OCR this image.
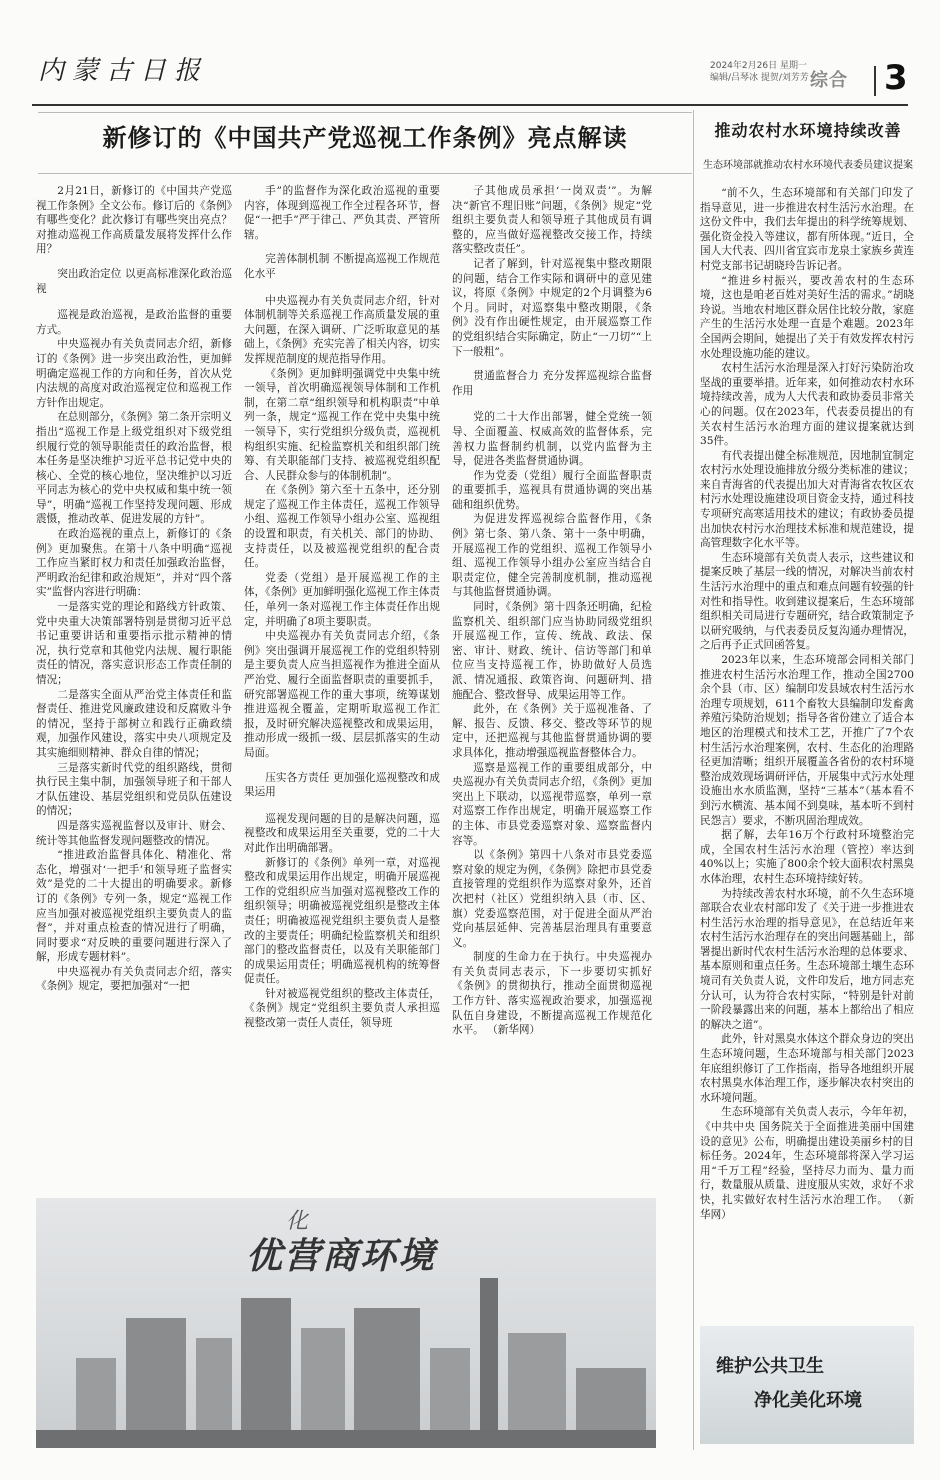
内蒙古日报	2024年2月26日 星期一
编辑/吕琴冰 提贺/刘芳芳 综合 3
新修订的《中国共产党巡视工作条例》亮点解读

2月21日，新修订的《中国共产党巡视工作条例》全文公布。修订后的《条例》有哪些变化？此次修订有哪些突出亮点？对推动巡视工作高质量发展将发挥什么作用？

突出政治定位 以更高标准深化政治巡视

巡视是政治巡视，是政治监督的重要方式。

中央巡视办有关负责同志介绍，新修订的《条例》进一步突出政治性，更加鲜明确定巡视工作的方向和任务，首次从党内法规的高度对政治巡视定位和巡视工作方针作出规定。

在总则部分，《条例》第二条开宗明义指出“巡视工作是上级党组织对下级党组织履行党的领导职能责任的政治监督，根本任务是坚决维护习近平总书记党中央的核心、全党的核心地位，坚决维护以习近平同志为核心的党中央权威和集中统一领导”，明确“巡视工作坚持发现问题、形成震慑，推动改革、促进发展的方针”。

在政治巡视的重点上，新修订的《条例》更加聚焦。在第十八条中明确“巡视工作应当紧盯权力和责任加强政治监督，严明政治纪律和政治规矩”，并对“四个落实”监督内容进行明确：

一是落实党的理论和路线方针政策、党中央重大决策部署特别是贯彻习近平总书记重要讲话和重要指示批示精神的情况，执行党章和其他党内法规、履行职能责任的情况，落实意识形态工作责任制的情况；

二是落实全面从严治党主体责任和监督责任、推进党风廉政建设和反腐败斗争的情况，坚持于部树立和践行正确政绩观，加强作风建设，落实中央八项规定及其实施细则精神、群众自律的情况；

三是落实新时代党的组织路线，贯彻执行民主集中制，加强领导班子和干部人才队伍建设、基层党组织和党员队伍建设的情况；

四是落实巡视监督以及审计、财会、统计等其他监督发现问题整改的情况。

“推进政治监督具体化、精准化、常态化，增强对‘一把手’和领导班子监督实效”是党的二十大提出的明确要求。新修订的《条例》专列一条，规定“巡视工作应当加强对被巡视党组织主要负责人的监督”，并对重点检查的情况进行了明确，同时要求“对反映的重要问题进行深入了解，形成专题材料”。

中央巡视办有关负责同志介绍，落实《条例》规定，要把加强对“一把

手”的监督作为深化政治巡视的重要内容，体现到巡视工作全过程各环节，督促“一把手”严于律己、严负其责、严管所辖。

完善体制机制 不断提高巡视工作规范化水平

中央巡视办有关负责同志介绍，针对体制机制等关系巡视工作高质量发展的重大问题，在深入调研、广泛听取意见的基础上，《条例》充实完善了相关内容，切实发挥规范制度的规范指导作用。

《条例》更加鲜明强调党中央集中统一领导，首次明确巡视领导体制和工作机制，在第二章“组织领导和机构职责”中单列一条，规定“巡视工作在党中央集中统一领导下，实行党组织分级负责，巡视机构组织实施、纪检监察机关和组织部门统筹、有关职能部门支持、被巡视党组织配合、人民群众参与的体制机制”。

在《条例》第六至十五条中，还分别规定了巡视工作主体责任，巡视工作领导小组、巡视工作领导小组办公室、巡视组的设置和职责，有关机关、部门的协助、支持责任，以及被巡视党组织的配合责任。

党委（党组）是开展巡视工作的主体，《条例》更加鲜明强化巡视工作主体责任，单列一条对巡视工作主体责任作出规定，并明确了8项主要职责。

中央巡视办有关负责同志介绍，《条例》突出强调开展巡视工作的党组织特别是主要负责人应当担巡视作为推进全面从严治党、履行全面监督职责的重要抓手，研究部署巡视工作的重大事项，统筹谋划推进巡视全覆盖，定期听取巡视工作汇报，及时研究解决巡视整改和成果运用，推动形成一级抓一级、层层抓落实的生动局面。

压实各方责任 更加强化巡视整改和成果运用

巡视发现问题的目的是解决问题，巡视整改和成果运用至关重要，党的二十大对此作出明确部署。

新修订的《条例》单列一章，对巡视整改和成果运用作出规定，明确开展巡视工作的党组织应当加强对巡视整改工作的组织领导；明确被巡视党组织是整改主体责任；明确被巡视党组织主要负责人是整改的主要责任；明确纪检监察机关和组织部门的整改监督责任，以及有关职能部门的成果运用责任；明确巡视机构的统筹督促责任。

针对被巡视党组织的整改主体责任，《条例》规定“党组织主要负责人承担巡视整改第一责任人责任，领导班

子其他成员承担‘一岗双责’”。为解决“新官不理旧账”问题，《条例》规定“党组织主要负责人和领导班子其他成员有调整的，应当做好巡视整改交接工作，持续落实整改责任”。

记者了解到，针对巡视集中整改期限的问题，结合工作实际和调研中的意见建议，将原《条例》中规定的2个月调整为6个月。同时，对巡察集中整改期限，《条例》没有作出硬性规定，由开展巡察工作的党组织结合实际确定，防止“一刀切”“上下一般粗”。

贯通监督合力 充分发挥巡视综合监督作用

党的二十大作出部署，健全党统一领导、全面覆盖、权威高效的监督体系，完善权力监督制约机制，以党内监督为主导，促进各类监督贯通协调。

作为党委（党组）履行全面监督职责的重要抓手，巡视具有贯通协调的突出基础和组织优势。

为促进发挥巡视综合监督作用，《条例》第七条、第八条、第十一条中明确，开展巡视工作的党组织、巡视工作领导小组、巡视工作领导小组办公室应当结合自职责定位，健全完善制度机制，推动巡视与其他监督贯通协调。

同时，《条例》第十四条还明确，纪检监察机关、组织部门应当协助同级党组织开展巡视工作，宣传、统战、政法、保密、审计、财政、统计、信访等部门和单位应当支持巡视工作，协助做好人员选派、情况通报、政策咨询、问题研判、措施配合、整改督导、成果运用等工作。

此外，在《条例》关于巡视准备、了解、报告、反馈、移交、整改等环节的规定中，还把巡视与其他监督贯通协调的要求具体化，推动增强巡视监督整体合力。

巡察是巡视工作的重要组成部分，中央巡视办有关负责同志介绍，《条例》更加突出上下联动，以巡视带巡察，单列一章对巡察工作作出规定，明确开展巡察工作的主体、市县党委巡察对象、巡察监督内容等。

以《条例》第四十八条对市县党委巡察对象的规定为例，《条例》除把市县党委直接管理的党组织作为巡察对象外，还首次把村（社区）党组织纳入县（市、区、旗）党委巡察范围，对于促进全面从严治党向基层延伸、完善基层治理具有重要意义。

制度的生命力在于执行。中央巡视办有关负责同志表示，下一步要切实抓好《条例》的贯彻执行，推动全面贯彻巡视工作方针、落实巡视政治要求，加强巡视队伍自身建设，不断提高巡视工作规范化水平。 （新华网）

推动农村水环境持续改善
生态环境部就推动农村水环境代表委员建议提案

“前不久，生态环境部和有关部门印发了指导意见，进一步推进农村生活污水治理。在这份文件中，我们去年提出的科学统筹规划、强化资金投入等建议，都有所体现。”近日，全国人大代表、四川省宜宾市龙泉土家族乡黄连村党支部书记胡晓玲告诉记者。

“推进乡村振兴，要改善农村的生态环境，这也是咱老百姓对美好生活的需求。”胡晓玲说。当地农村地区群众居住比较分散，家庭产生的生活污水处理一直是个难题。2023年全国两会期间，她提出了关于有效发挥农村污水处理设施功能的建议。

农村生活污水治理是深入打好污染防治攻坚战的重要举措。近年来，如何推动农村水环境持续改善，成为人大代表和政协委员非常关心的问题。仅在2023年，代表委员提出的有关农村生活污水治理方面的建议提案就达到35件。

有代表提出健全标准规范，因地制宜制定农村污水处理设施排放分级分类标准的建议；来自青海省的代表提出加大对青海省农牧区农村污水处理设施建设项目资金支持，通过科技专项研究高寒适用技术的建议；有政协委员提出加快农村污水治理技术标准和规范建设，提高管理数字化水平等。

生态环境部有关负责人表示，这些建议和提案反映了基层一线的情况，对解决当前农村生活污水治理中的重点和难点问题有较强的针对性和指导性。收到建议提案后，生态环境部组织相关司局进行专题研究，结合政策制定予以研究吸纳，与代表委员反复沟通办理情况，之后再予正式回函答复。

2023年以来，生态环境部会同相关部门推进农村生活污水治理工作，推动全国2700余个县（市、区）编制印发县域农村生活污水治理专项规划，611个畜牧大县编制印发畜禽养殖污染防治规划；指导各省份建立了适合本地区的治理模式和技术工艺，开推广了7个农村生活污水治理案例，农村、生态化的治理路径更加清晰；组织开展覆盖各省份的农村环境整治成效现场调研评估，开展集中式污水处理设施出水水质监测，坚持“三基本”（基本看不到污水横流、基本闻不到臭味，基本听不到村民怨言）要求，不断巩固治理成效。

据了解，去年16万个行政村环境整治完成，全国农村生活污水治理（管控）率达到40%以上；实施了800余个较大面积农村黑臭水体治理，农村生态环境持续好转。

为持续改善农村水环境，前不久生态环境部联合农业农村部印发了《关于进一步推进农村生活污水治理的指导意见》，在总结近年来农村生活污水治理存在的突出问题基础上，部署提出新时代农村生活污水治理的总体要求、基本原则和重点任务。生态环境部土壤生态环境司有关负责人说，文件印发后，地方同志充分认可，认为符合农村实际，“特别是针对前一阶段暴露出来的问题，基本上都给出了相应的解决之道”。

此外，针对黑臭水体这个群众身边的突出生态环境问题，生态环境部与相关部门2023年底组织修订了工作指南，指导各地组织开展农村黑臭水体治理工作，逐步解决农村突出的水环境问题。

生态环境部有关负责人表示，今年年初，《中共中央 国务院关于全面推进美丽中国建设的意见》公布，明确提出建设美丽乡村的目标任务。2024年，生态环境部将深入学习运用“千万工程”经验，坚持尽力而为、量力而行，数量服从质量、进度服从实效，求好不求快，扎实做好农村生活污水治理工作。 （新华网）

化
优营商环境
维护公共卫生
净化美化环境
